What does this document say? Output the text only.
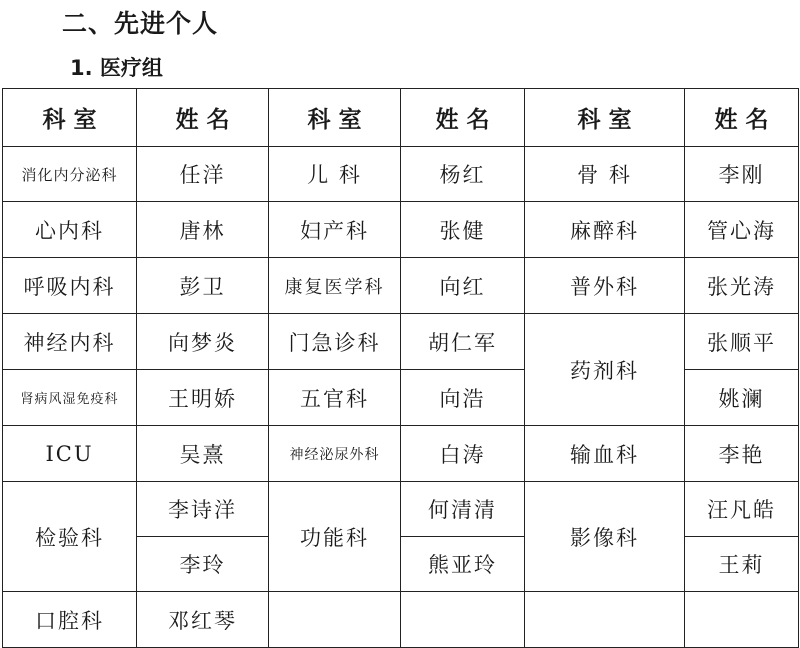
二、先进个人
1. 医疗组
科 室	姓 名	科 室	姓 名	科 室	姓 名
消化内分泌科	任洋	儿 科	杨红	骨 科	李刚
心内科	唐林	妇产科	张健	麻醉科	管心海
呼吸内科	彭卫	康复医学科	向红	普外科	张光涛
神经内科	向梦炎	门急诊科	胡仁军	药剂科	张顺平
肾病风湿免疫科	王明娇	五官科	向浩		姚澜
ICU	吴熹	神经泌尿外科	白涛	输血科	李艳
检验科	李诗洋	功能科	何清清	影像科	汪凡皓
	李玲		熊亚玲		王莉
口腔科	邓红琴				
